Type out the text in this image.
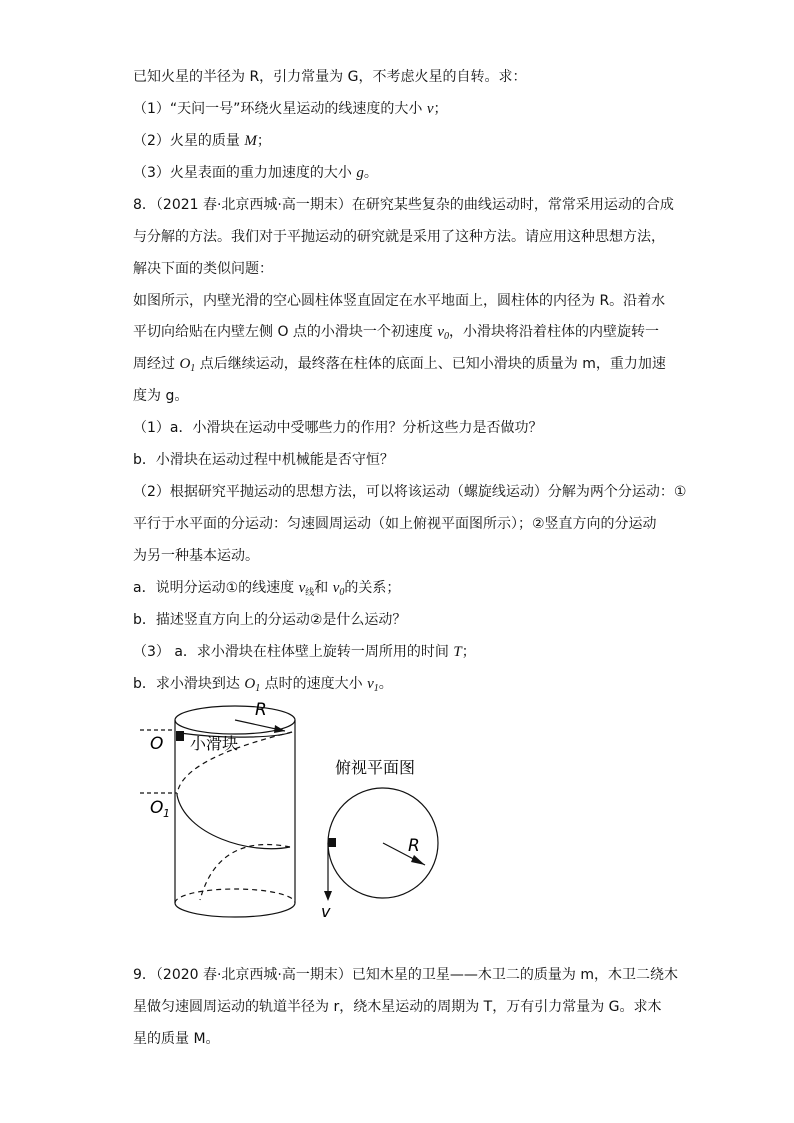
已知火星的半径为 R，引力常量为 G，不考虑火星的自转。求：
（1）“天问一号”环绕火星运动的线速度的大小 v；
（2）火星的质量 M；
（3）火星表面的重力加速度的大小 g。
8．（2021 春·北京西城·高一期末）在研究某些复杂的曲线运动时，常常采用运动的合成
与分解的方法。我们对于平抛运动的研究就是采用了这种方法。请应用这种思想方法，
解决下面的类似问题：
如图所示，内壁光滑的空心圆柱体竖直固定在水平地面上，圆柱体的内径为 R。沿着水
平切向给贴在内壁左侧 O 点的小滑块一个初速度 $v_0$，小滑块将沿着柱体的内壁旋转一
周经过 $O_1$ 点后继续运动，最终落在柱体的底面上、已知小滑块的质量为 m，重力加速
度为 g。
（1）a．小滑块在运动中受哪些力的作用？分析这些力是否做功？
b．小滑块在运动过程中机械能是否守恒？
（2）根据研究平抛运动的思想方法，可以将该运动（螺旋线运动）分解为两个分运动：①
平行于水平面的分运动：匀速圆周运动（如上俯视平面图所示）；②竖直方向的分运动
为另一种基本运动。
a．说明分运动①的线速度 $v_线$和 $v_0$的关系；
b．描述竖直方向上的分运动②是什么运动？
（3） a．求小滑块在柱体壁上旋转一周所用的时间 T；
b．求小滑块到达 $O_1$ 点时的速度大小 $v_1$。
R
O 小滑块
O 1
俯视平面图
R
v
9．（2020 春·北京西城·高一期末）已知木星的卫星——木卫二的质量为 m，木卫二绕木
星做匀速圆周运动的轨道半径为 r，绕木星运动的周期为 T，万有引力常量为 G。求木
星的质量 M。
